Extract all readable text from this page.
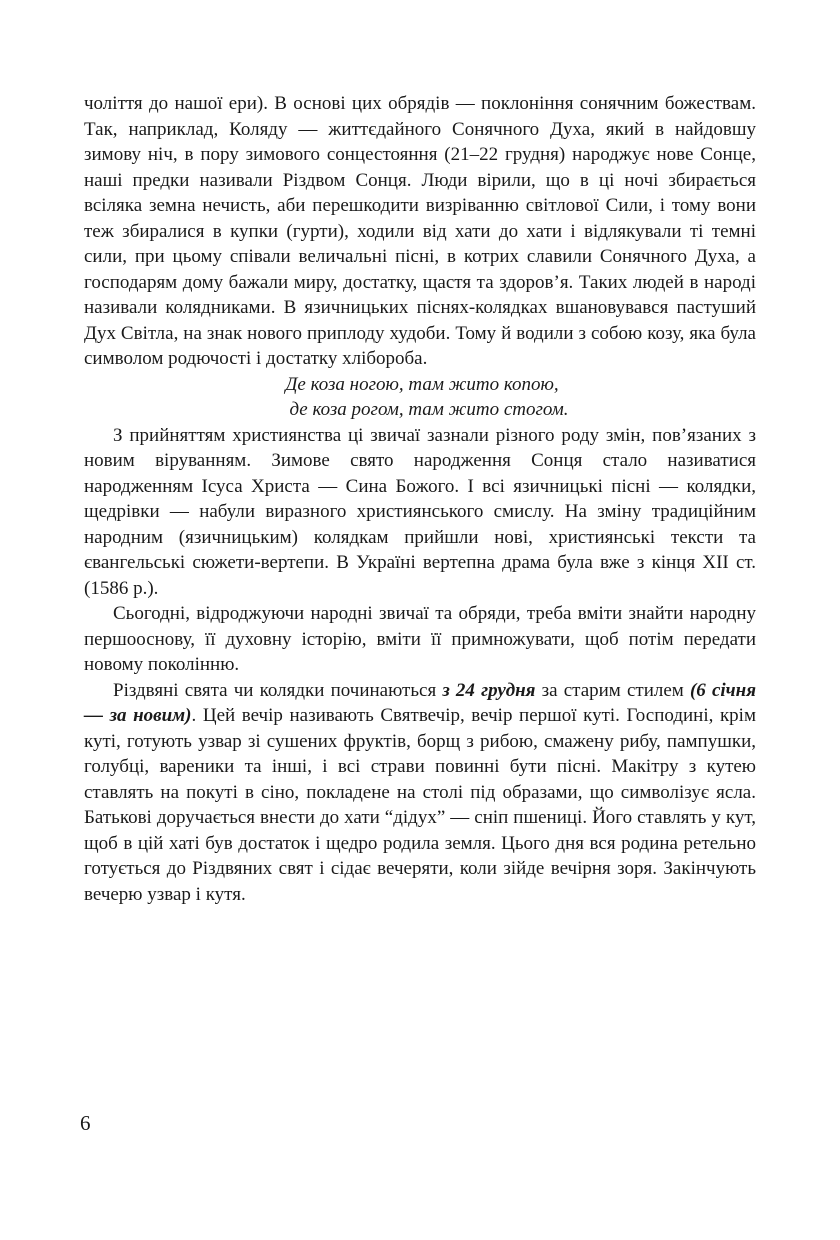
чоліття до нашої ери). В основі цих обрядів — поклоніння сонячним божествам. Так, наприклад, Коляду — життєдайного Сонячного Духа, який в найдовшу зимову ніч, в пору зимового сонцестояння (21–22 грудня) народжує нове Сонце, наші предки називали Різдвом Сонця. Люди вірили, що в ці ночі збирається всіляка земна нечисть, аби перешкодити визріванню світлової Сили, і тому вони теж збиралися в купки (гурти), ходили від хати до хати і відлякували ті темні сили, при цьому співали величальні пісні, в котрих славили Сонячного Духа, а господарям дому бажали миру, достатку, щастя та здоров’я. Таких людей в народі називали колядниками. В язичницьких піснях-колядках вшановувався пастуший Дух Світла, на знак нового приплоду худоби. Тому й водили з собою козу, яка була символом родючості і достатку хлібороба.

Де коза ногою, там жито копою,
де коза рогом, там жито стогом.

З прийняттям християнства ці звичаї зазнали різного роду змін, пов’язаних з новим віруванням. Зимове свято народження Сонця стало називатися народженням Ісуса Христа — Сина Божого. І всі язичницькі пісні — колядки, щедрівки — набули виразного християнського смислу. На зміну традиційним народним (язичницьким) колядкам прийшли нові, християнські тексти та євангельські сюжети-вертепи. В Україні вертепна драма була вже з кінця XII ст. (1586 р.).

Сьогодні, відроджуючи народні звичаї та обряди, треба вміти знайти народну першооснову, її духовну історію, вміти її примножувати, щоб потім передати новому поколінню.

Різдвяні свята чи колядки починаються з 24 грудня за старим стилем (6 січня — за новим). Цей вечір називають Святвечір, вечір першої куті. Господині, крім куті, готують узвар зі сушених фруктів, борщ з рибою, смажену рибу, пампушки, голубці, вареники та інші, і всі страви повинні бути пісні. Макітру з кутею ставлять на покуті в сіно, покладене на столі під образами, що символізує ясла. Батькові доручається внести до хати “дідух” — сніп пшениці. Його ставлять у кут, щоб в цій хаті був достаток і щедро родила земля. Цього дня вся родина ретельно готується до Різдвяних свят і сідає вечеряти, коли зійде вечірня зоря. Закінчують вечерю узвар і кутя.

6
